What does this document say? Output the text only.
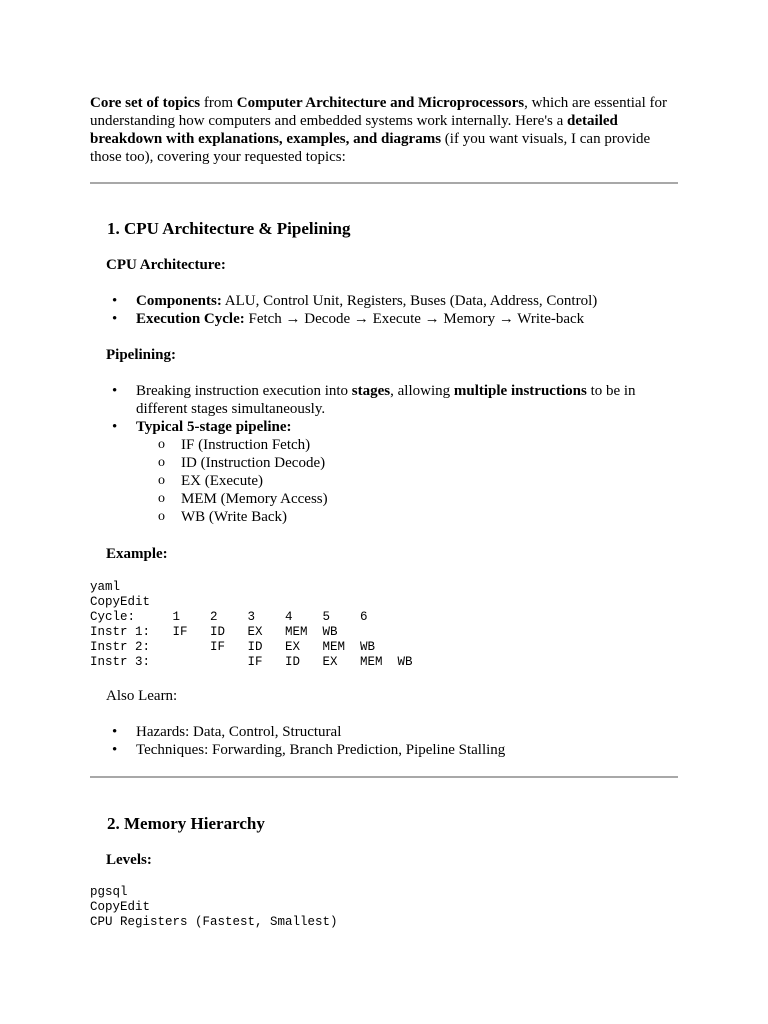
Core set of topics from Computer Architecture and Microprocessors, which are essential for understanding how computers and embedded systems work internally. Here's a detailed breakdown with explanations, examples, and diagrams (if you want visuals, I can provide those too), covering your requested topics:

1. CPU Architecture & Pipelining
CPU Architecture:
• Components: ALU, Control Unit, Registers, Buses (Data, Address, Control)
• Execution Cycle: Fetch → Decode → Execute → Memory → Write-back
Pipelining:
• Breaking instruction execution into stages, allowing multiple instructions to be in different stages simultaneously.
• Typical 5-stage pipeline:
o IF (Instruction Fetch)
o ID (Instruction Decode)
o EX (Execute)
o MEM (Memory Access)
o WB (Write Back)
Example:
yaml
CopyEdit
Cycle:     1    2    3    4    5    6
Instr 1:   IF   ID   EX   MEM  WB
Instr 2:        IF   ID   EX   MEM  WB
Instr 3:             IF   ID   EX   MEM  WB

Also Learn:

• Hazards: Data, Control, Structural
• Techniques: Forwarding, Branch Prediction, Pipeline Stalling
2. Memory Hierarchy
Levels:
pgsql
CopyEdit
CPU Registers (Fastest, Smallest)
